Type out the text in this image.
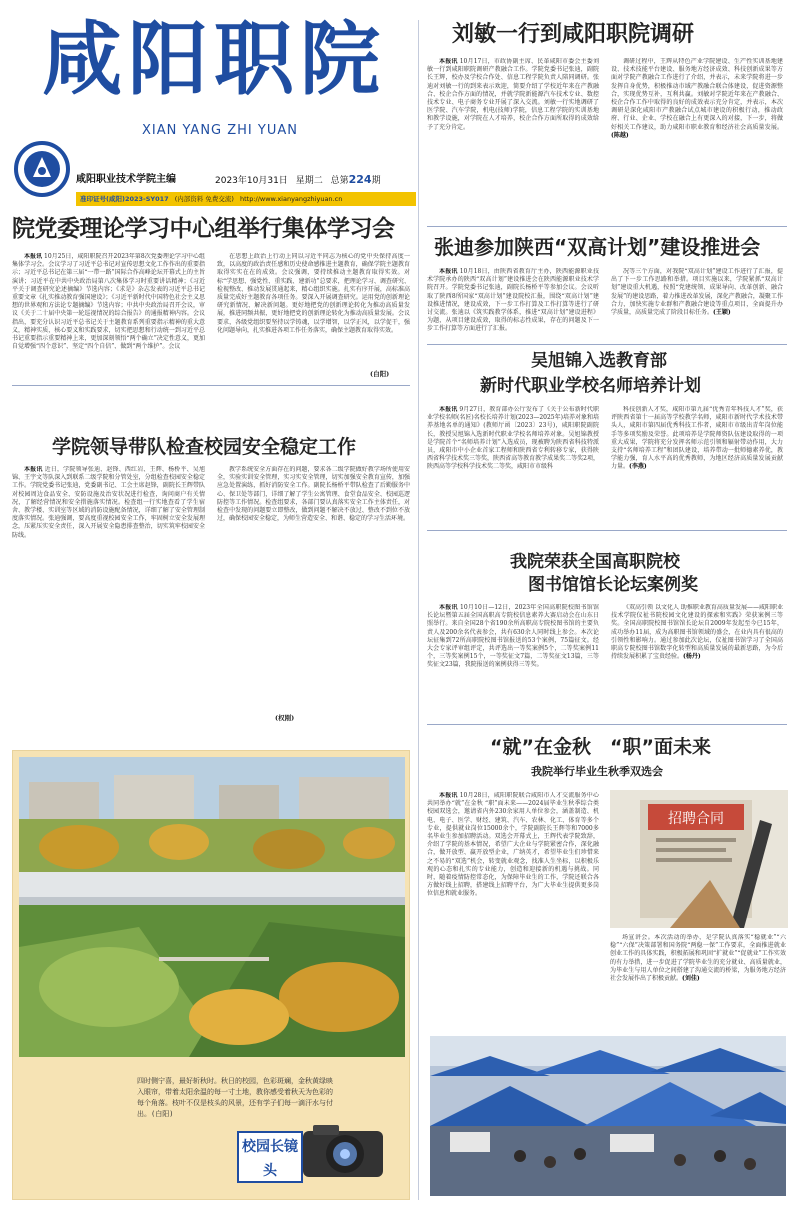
咸阳职院
XIAN YANG ZHI YUAN
咸阳职业技术学院主编	2023年10月31日 星期二 总第224期
准印证号(咸阳)2023-SY017 (内部资料 免费交流) http://www.xianyangzhiyuan.cn
刘敏一行到咸阳职院调研

本报讯 10月17日，市政协副主席、民革咸阳市委会主委刘敏一行到咸阳职院调研产教融合工作。学院党委书记张迪，副院长王辉，校办及学校合作处、信息工程学院负责人陪同调研。张迪对刘敏一行的到来表示欢迎，简要介绍了学校近年来在产教融合、校企合作方面的情况，并就学院新能源汽车技术专业、数控技术专业、电子商务专业开展了深入交流。刘敏一行实地调研了医学院、汽车学院，机电(技师)学院，信息工程学院的实训基地和教学设施，对学院在人才培养，校企合作方面所取得的成效给予了充分肯定。

调研过程中，王辉从特色产业学院建设、生产性实训基地建设、技术技能平台建设、服务地方经济成效、科技创新成果等方面对学院产教融合工作进行了介绍，并表示，未来学院将进一步发挥自身优势，积极推动市域产教融合联合体建设，促进资源整合，实现优势互补，互利共赢。刘敏对学院近年来在产教融合、校企合作工作中取得的良好的成效表示充分肯定，并表示，本次调研是深化咸阳市产教融合试点城市建设的积极行动，推动政府、行业、企业、学校在融合上有更深入的对接，下一步，将做好相关工作建议，助力咸阳市职业教育和经济社会高质量发展。(陈越)

院党委理论学习中心组举行集体学习会

本报讯 10月25日，咸阳职院召开2023年第8次党委理论学习中心组集体学习会。会议学习了习近平总书记对宣传思想文化工作作出的重要指示；习近平总书记在第三届“一带一路”国际合作高峰论坛开幕式上的主旨演讲；习近平在中共中央政治局第八次集体学习时重要讲话精神；《习近平关于调查研究论述摘编》节选内容；《求是》杂志发表的习近平总书记重要文章《扎实推动教育强国建设》；《习近平新时代中国特色社会主义思想的世界观和方法论专题摘编》节选内容；中共中央政治局召开会议，审议《关于二十届中央第一轮巡视情况的综合报告》的通报精神内容。会议指出，要充分认识习近平总书记关于主题教育系列重要指示精神的重大意义，精神实质，核心要义和实践要求，切实把思想和行动统一到习近平总书记重要指示重要精神上来，更加深刻领悟“两个确立”决定性意义，更加自觉增强“四个意识”、坚定“四个自信”、做到“两个维护”。会议

在思想上政治上行动上同以习近平同志为核心的党中央保持高度一致，以高度的政治责任感和历史使命感推进主题教育，确保学院主题教育取得实实在在的成效。会议强调，要持续推动主题教育取得实效。对标“学思想、强党性、重实践、建新功”总要求，把理论学习、调查研究、检视整改、推动发展贯通起来，精心组织实施。扎实有序开展，高标准高质量完成好主题教育各项任务。要深入开展调查研究。运用党的创新理论研究新情况、解决新问题。更好地把党的创新理论转化为推动高质量发展，推进同频共振，更好地把党的创新理论转化为推动高质量发展。会议要求，各级党组织要坚持以学铸魂，以学增智，以学正风，以学促干，强化问题导向，扎实推进各项工作任务落实，确保主题教育取得实效。

(白阳)
张迪参加陕西“双高计划”建设推进会

本报讯 10月18日，由陕西省教育厅主办，陕西能源职业技术学院承办的陕西“双高计划”建设推进会在陕西能源职业技术学院召开。学院党委书记张迪，副院长杨桥平等参加会议。会议听取了陕西8所国家“双高计划”建设院校汇报，围绕“双高计划”建设推进情况，建设成效，下一步工作打算及工作打算等进行了研讨交流。张迪以《筑实践教学体系，推进“双高计划”建设进程》为题，从项目建设成效，取得的标志性成果，存在的问题及下一步工作打算等方面进行了汇报。

况等三个方面，对我院“双高计划”建设工作进行了汇报，提出了下一步工作思路和举措。项目实施以来，学院紧抓“双高计划”建设重大机遇，按照“党建统领、成果导向、改革创新、融合发展”的建设思路，着力推进改革发展，深化产教融合，凝聚工作合力，加快实施专业群和产教融合建设等重点项目，全面提升办学质量，高质量完成了阶段目标任务。(王颖)

吴旭锦入选教育部
新时代职业学校名师培养计划

本报讯 9月27日，教育部办公厅发布了《关于公布新时代职业学校名师(名匠)名校长培养计划(2023—2025年)培养对象和培养基地名单的通知》(教师厅函〔2023〕23号)，咸阳职院副院长，教授吴旭锦入选新时代职业学校名师培养对象。吴旭锦教授是学院首个“名师培养计划”入选成员，现被聘为陕西省科技特派员，咸阳市中小企业首家工程师和陕西省专利转移专家，获得陕西省科学技术奖三等奖，陕西省高等教育教学成果奖二等奖2项，陕西高等学校科学技术奖二等奖，咸阳市市级科

科技创新人才奖，咸阳市第九届“优秀青年科技人才”奖，获评陕西省第十一届高等学校教学名师，咸阳市新时代学术技术带头人，咸阳市第四届优秀科技工作者，咸阳市市级出青年岗位能手等多项奖励及荣誉。此项培养是学院师资队伍建设取得的一项重大成果，学院将充分发挥名师示范引领和辐射带动作用，大力支持“名师培养工程”和团队建设，培养带动一批师德素养优，教学能力强，育人水平高的优秀教师，为地区经济高质量发展贡献力量。(李燕)

学院领导带队检查校园安全稳定工作

本报讯 近日，学院领导张迪、赵锋、西红岩、王辉、杨桥平、吴旭锦、王宇文等队深入到联系二级学院和分管处室，分组检查校园安全稳定工作。学院党委书记张迪，党委副书记、工会主席赵锋，副院长王辉带队对校园周边食品安全、安防设施及治安状况进行检查，询问商户有关情况，了解经营情况和安全措施落实情况。检查组一行实地查看了学生宿舍、教学楼、实训室等区域的消防设施配备情况，详细了解了安全管理制度落实情况。张迪强调，要高度重视校园安全工作，牢固树立安全发展理念，压紧压实安全责任，深入开展安全隐患排查整治，切实筑牢校园安全防线。

教学系统安全方面存在的问题，要求各二级学院做好教学场所使用安全，实验实训安全管理，实习实安全管理，切实加强安全教育宣传，加强应急处置演练，抓好消防安全工作。副院长杨桥平带队检查了后勤服务中心、保卫处等部门，详细了解了学生公寓管理、食堂食品安全、校园巡逻防控等工作情况。检查组要求，各部门要认真落实安全工作主体责任，对检查中发现的问题要立即整改，做到问题不解决不放过、整改不到位不放过，确保校园安全稳定，为师生营造安全、和谐、稳定的学习生活环境。

(权刚)
我院荣获全国高职院校
图书馆馆长论坛案例奖

本报讯 10月10日—12日，2023年全国高职院校图书馆馆长论坛暨第五届全国高职高专院校信息素养大赛启动会在山东日照举行。来自全国28个省190余所高职高专院校图书馆的主要负责人及200余名代表参会，共有630余人同时线上参会。本次论坛征集到72所高职院校图书馆报送的53个案例，75篇征文。经大会专家评审组评定，共评选出一等奖案例5个，二等奖案例11个，三等奖案例15个，一等奖征文7篇，二等奖征文13篇，三等奖征文23篇，我院报送的案例获得三等奖。

《双高引领 以文化人 助推职业教育高质量发展——咸阳职业技术学院仪祉书院校园文化建设的探索和实践》荣获案例三等奖。全国高职院校图书馆馆长论坛自2009年发起至今已15年，成功举办11届，成为高职图书馆领域的盛会，在业内具有很高的引领性和影响力。通过参加此次论坛，仪祉图书馆学习了全国高职高专院校图书馆数字化转型和高质量发展的最新思路，为今后持续发展积累了宝贵经验。(杨丹)

四时侧宁喜，最好斩秋时。秋日的校园，色彩斑斓，金秋黄绿映入眼帘，带着太阳余温的每一寸土地，教你感受着秋天为色彩的每个角落。枝叶不仅是枝头的风景，还有学子们每一滴汗水与付出。(白阳)
校园长镜头
“就”在金秋　“职”面未来
我院举行毕业生秋季双选会

本报讯 10月28日，咸阳职院联合咸阳市人才交流服务中心共同举办“就”在金秋 “职”面未来——2024届毕业生秋季综合类校园双选会，邀请省内外230余家用人单位参会，涵盖制造、机电、电子、医学、财经、建筑、汽车、农林、化工、体育等多个专业，提供就业岗位15000余个，学院副院长王辉等和7000多名毕业生参加招聘活动。双选会开幕式上，王辉代表学院致辞，介绍了学院的基本情况，希望广大企业与学院紧密合作，深化融合，做开放型、赢开放型企业，广纳英才，希望毕业生们珍惜来之不易的“双选”机会，转变就业观念，找准人生坐标，以积极乐观的心态和扎实的专业能力，创造和迎接新的机遇与挑战。同时，随着疫情防控常态化，为保障毕业生的工作，学院还联合各方做好线上招聘，搭建线上招聘平台，为广大毕业生提供更多岗位信息和就业服务。

招聘合同

场宣讲会。本次活动的举办，是学院认真落实“稳就业”“六稳”“六保”决策部署和国务院“两稳一保”工作要求，全面推进就业创业工作的具体实践，积极拓展和巩固“扩就业”“促就业”工作实效的有力举措，进一步促进了学院毕业生的充分就业、高质量就业，为毕业生与用人单位之间搭建了沟通交流的桥梁，为服务地方经济社会发展作出了积极贡献。(刘佳)
